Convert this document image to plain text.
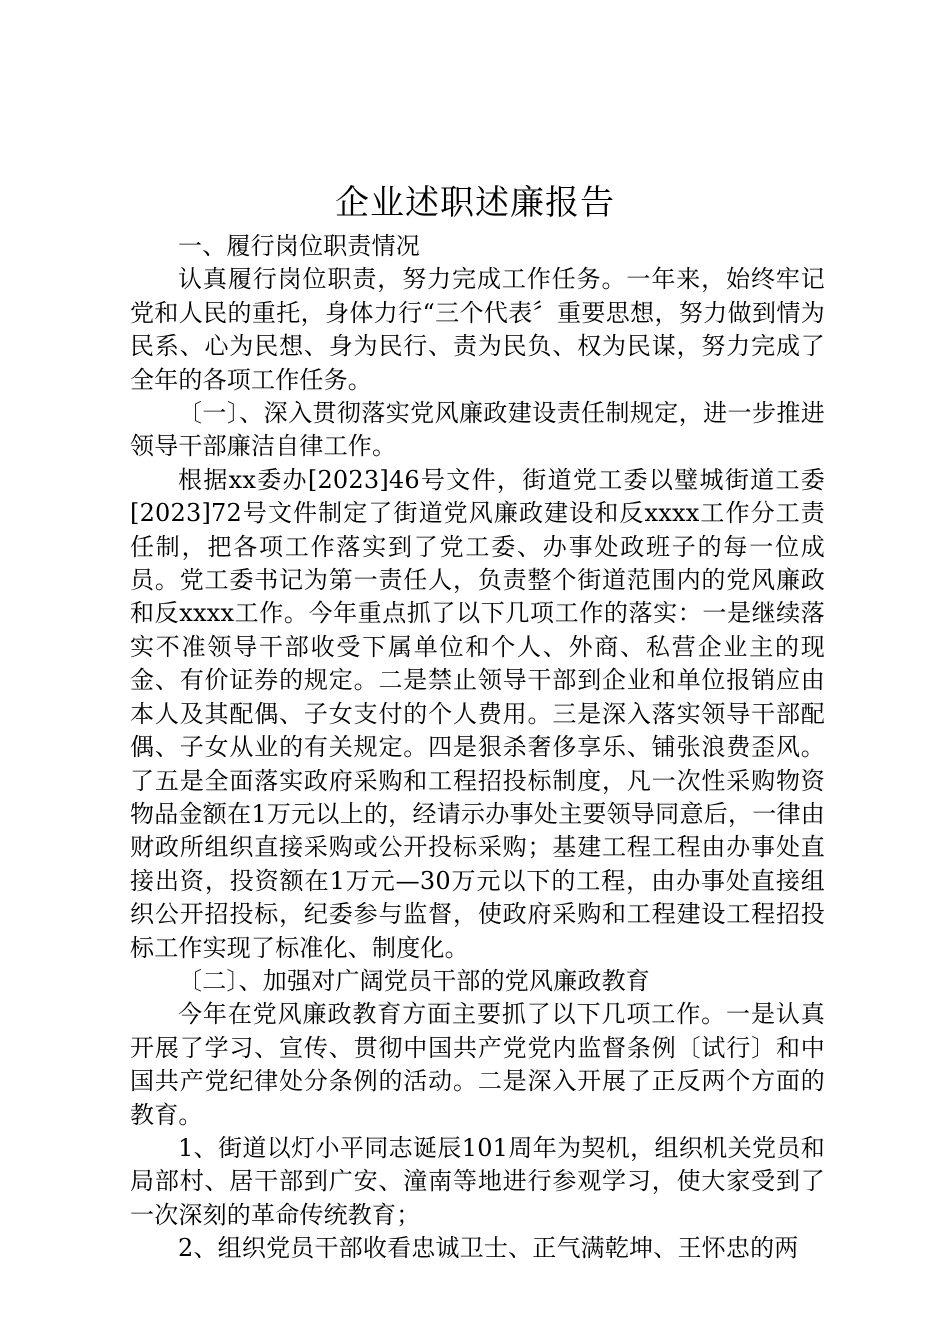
企业述职述廉报告

一、履行岗位职责情况

认真履行岗位职责，努力完成工作任务。一年来，始终牢记党和人民的重托，身体力行“三个代表〞重要思想，努力做到情为民系、心为民想、身为民行、责为民负、权为民谋，努力完成了全年的各项工作任务。

〔一〕、深入贯彻落实党风廉政建设责任制规定，进一步推进领导干部廉洁自律工作。

根据xx委办[2023]46号文件，街道党工委以璧城街道工委[2023]72号文件制定了街道党风廉政建设和反xxxx工作分工责任制，把各项工作落实到了党工委、办事处政班子的每一位成员。党工委书记为第一责任人，负责整个街道范围内的党风廉政和反xxxx工作。今年重点抓了以下几项工作的落实：一是继续落实不准领导干部收受下属单位和个人、外商、私营企业主的现金、有价证券的规定。二是禁止领导干部到企业和单位报销应由本人及其配偶、子女支付的个人费用。三是深入落实领导干部配偶、子女从业的有关规定。四是狠杀奢侈享乐、铺张浪费歪风。了五是全面落实政府采购和工程招投标制度，凡一次性采购物资物品金额在1万元以上的，经请示办事处主要领导同意后，一律由财政所组织直接采购或公开投标采购；基建工程工程由办事处直接出资，投资额在1万元—30万元以下的工程，由办事处直接组织公开招投标，纪委参与监督，使政府采购和工程建设工程招投标工作实现了标准化、制度化。

〔二〕、加强对广阔党员干部的党风廉政教育

今年在党风廉政教育方面主要抓了以下几项工作。一是认真开展了学习、宣传、贯彻中国共产党党内监督条例〔试行〕和中国共产党纪律处分条例的活动。二是深入开展了正反两个方面的教育。

1、街道以灯小平同志诞辰101周年为契机，组织机关党员和局部村、居干部到广安、潼南等地进行参观学习，使大家受到了一次深刻的革命传统教育；

2、组织党员干部收看忠诚卫士、正气满乾坤、王怀忠的两
